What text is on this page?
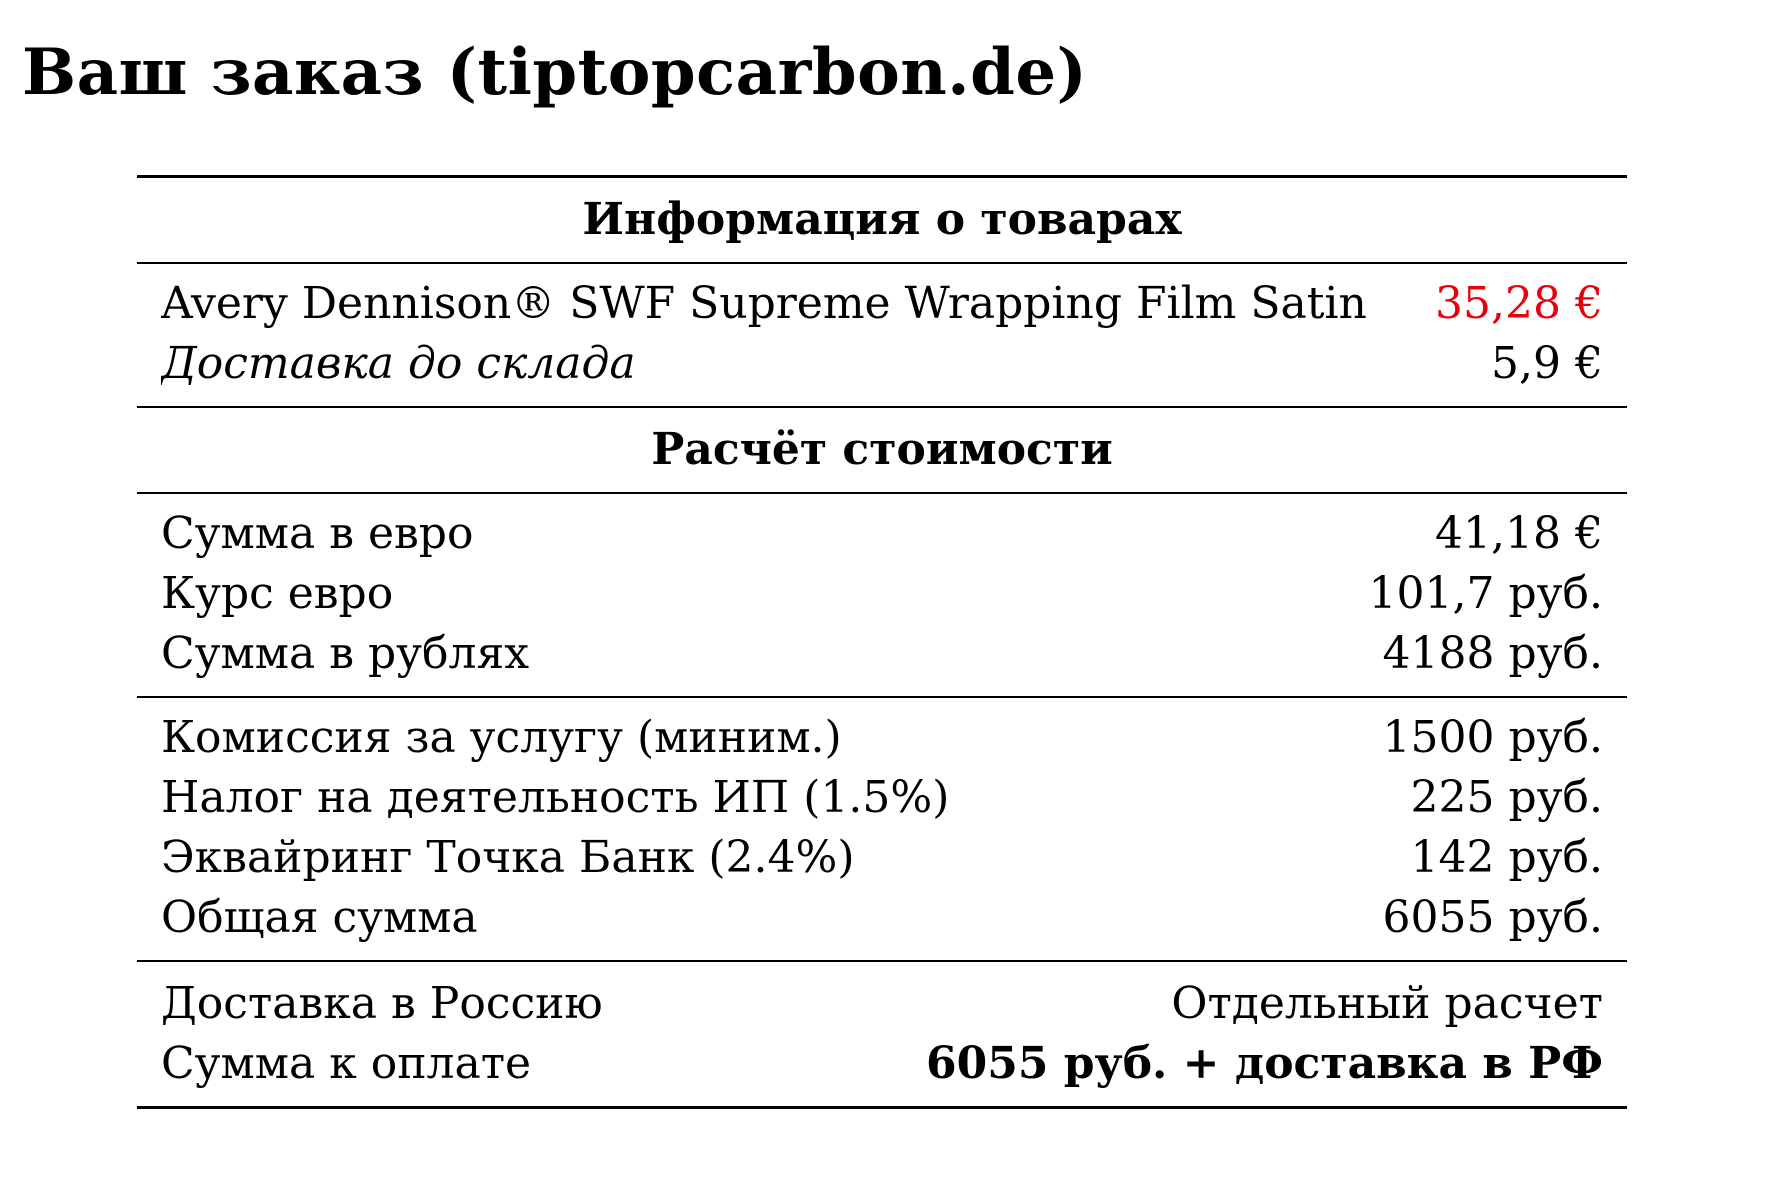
Ваш заказ (tiptopcarbon.de)
Информация о товарах
Avery Dennison® SWF Supreme Wrapping Film Satin	35,28 €
Доставка до склада	5,9 €
Расчёт стоимости
Сумма в евро	41,18 €
Курс евро	101,7 руб.
Сумма в рублях	4188 руб.
Комиссия за услугу (миним.)	1500 руб.
Налог на деятельность ИП (1.5%)	225 руб.
Эквайринг Точка Банк (2.4%)	142 руб.
Общая сумма	6055 руб.
Доставка в Россию	Отдельный расчет
Сумма к оплате	6055 руб. + доставка в РФ
